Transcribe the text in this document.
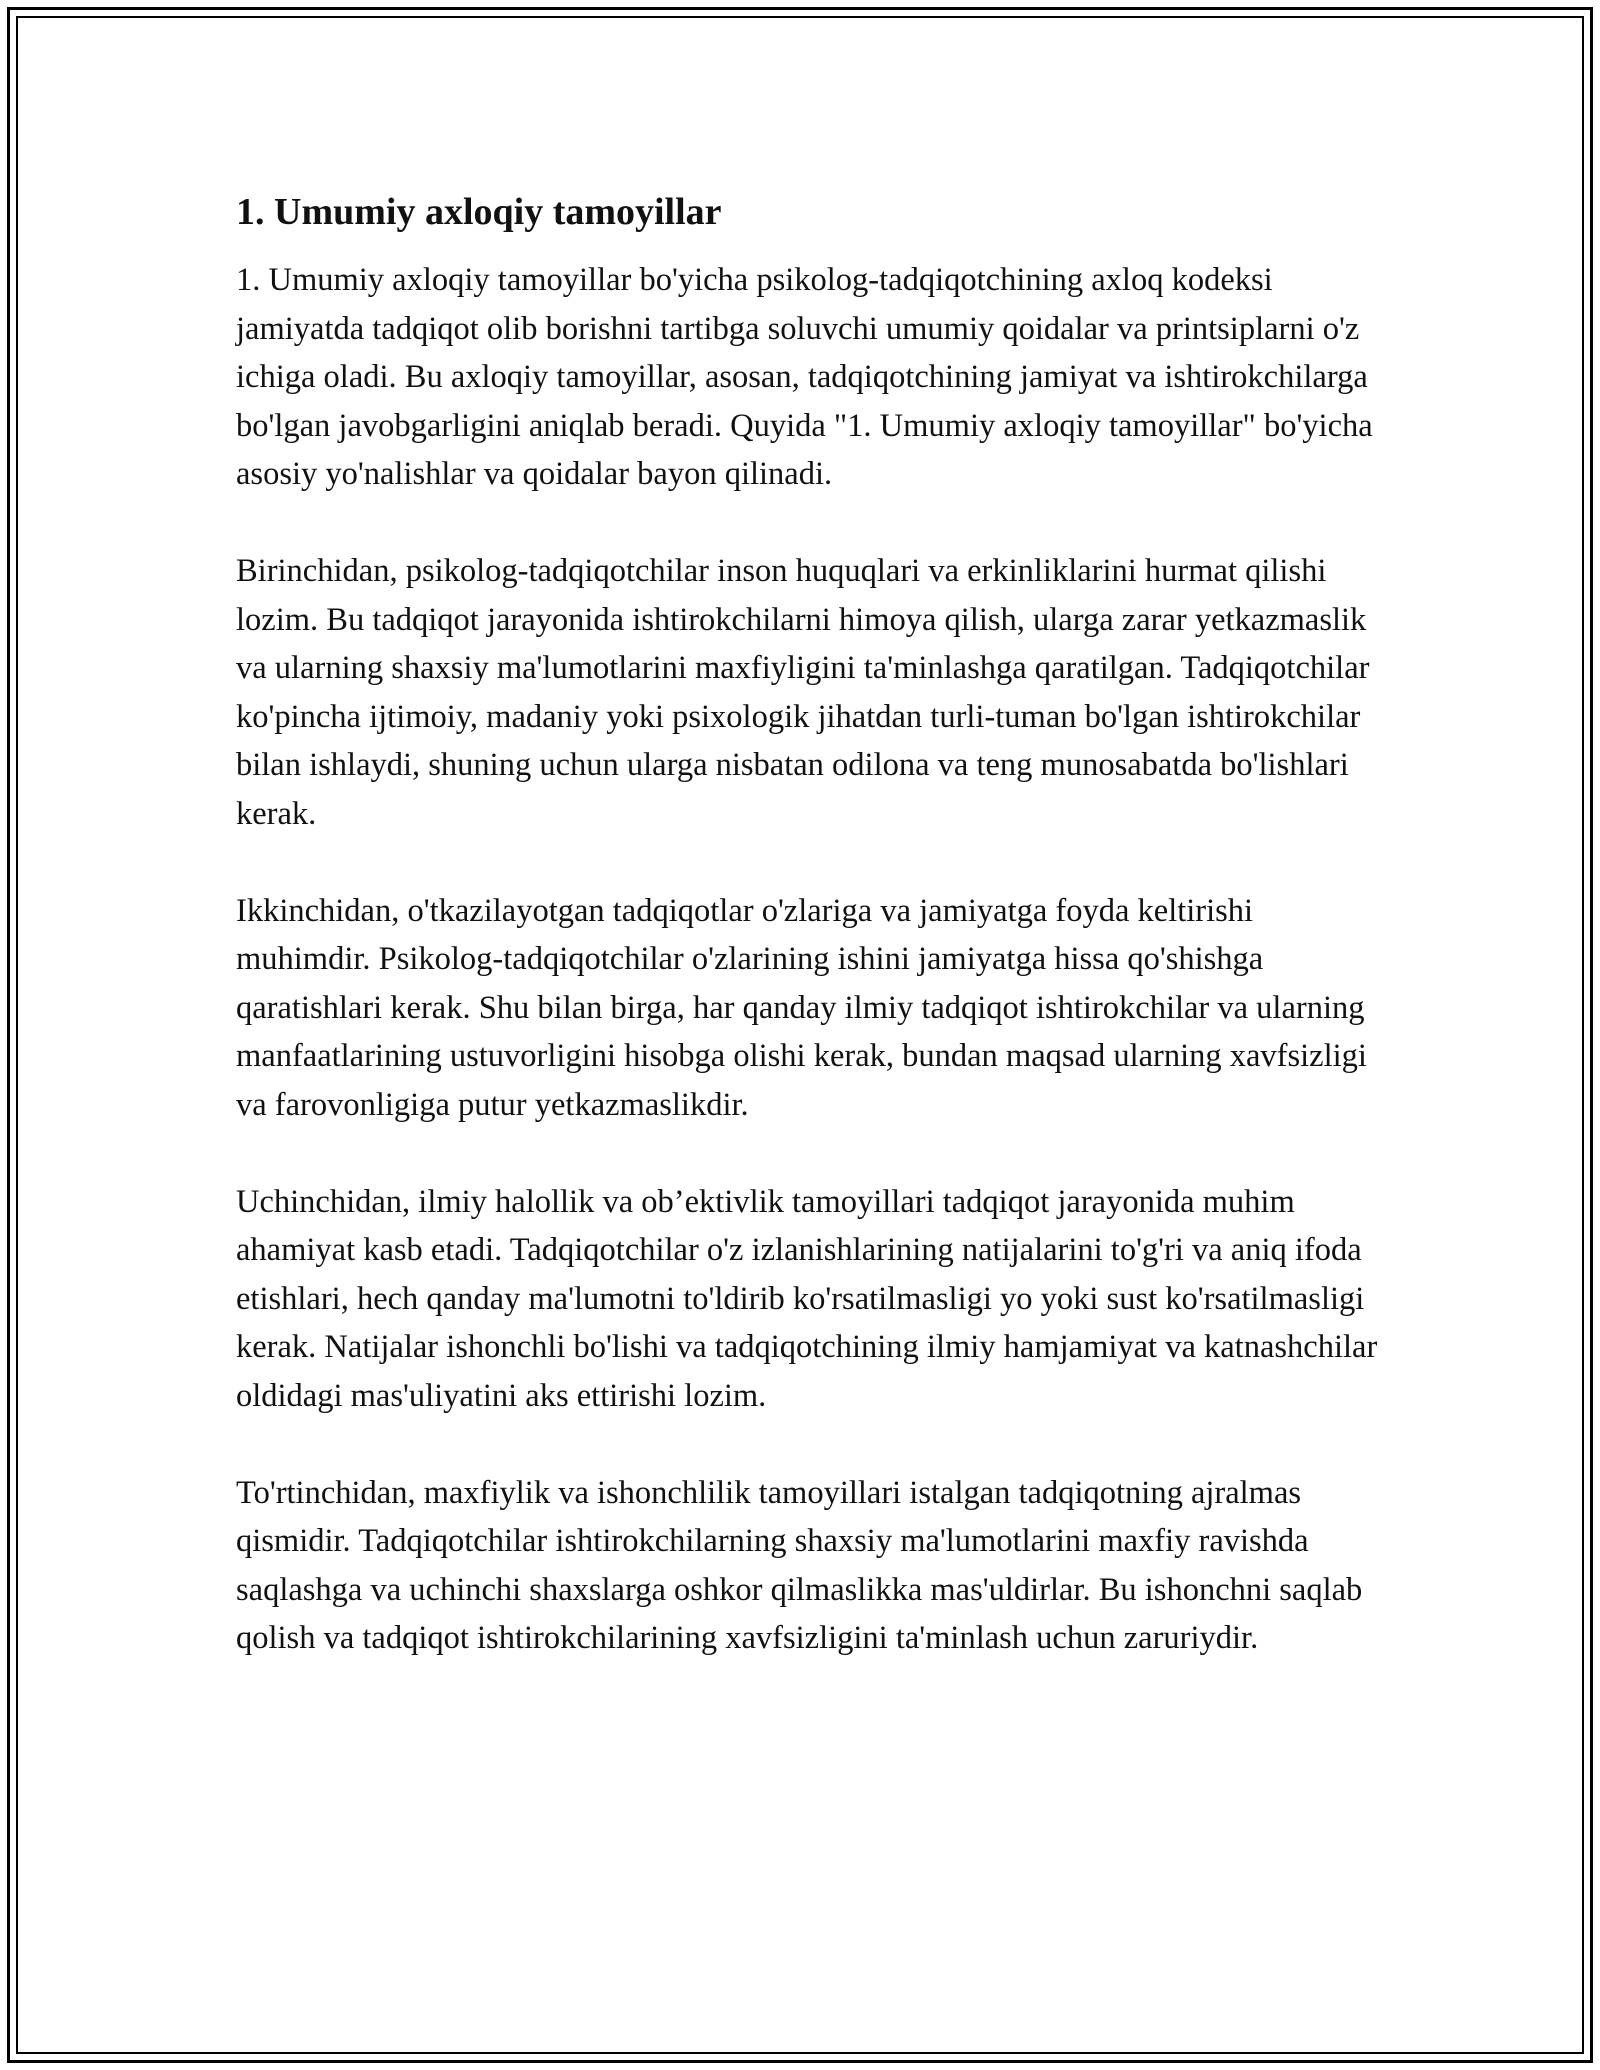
1. Umumiy axloqiy tamoyillar

1. Umumiy axloqiy tamoyillar bo'yicha psikolog-tadqiqotchining axloq kodeksi jamiyatda tadqiqot olib borishni tartibga soluvchi umumiy qoidalar va printsiplarni o'z ichiga oladi. Bu axloqiy tamoyillar, asosan, tadqiqotchining jamiyat va ishtirokchilarga bo'lgan javobgarligini aniqlab beradi. Quyida "1. Umumiy axloqiy tamoyillar" bo'yicha asosiy yo'nalishlar va qoidalar bayon qilinadi.

Birinchidan, psikolog-tadqiqotchilar inson huquqlari va erkinliklarini hurmat qilishi lozim. Bu tadqiqot jarayonida ishtirokchilarni himoya qilish, ularga zarar yetkazmaslik va ularning shaxsiy ma'lumotlarini maxfiyligini ta'minlashga qaratilgan. Tadqiqotchilar ko'pincha ijtimoiy, madaniy yoki psixologik jihatdan turli-tuman bo'lgan ishtirokchilar bilan ishlaydi, shuning uchun ularga nisbatan odilona va teng munosabatda bo'lishlari kerak.

Ikkinchidan, o'tkazilayotgan tadqiqotlar o'zlariga va jamiyatga foyda keltirishi muhimdir. Psikolog-tadqiqotchilar o'zlarining ishini jamiyatga hissa qo'shishga qaratishlari kerak. Shu bilan birga, har qanday ilmiy tadqiqot ishtirokchilar va ularning manfaatlarining ustuvorligini hisobga olishi kerak, bundan maqsad ularning xavfsizligi va farovonligiga putur yetkazmaslikdir.

Uchinchidan, ilmiy halollik va ob’ektivlik tamoyillari tadqiqot jarayonida muhim ahamiyat kasb etadi. Tadqiqotchilar o'z izlanishlarining natijalarini to'g'ri va aniq ifoda etishlari, hech qanday ma'lumotni to'ldirib ko'rsatilmasligi yo yoki sust ko'rsatilmasligi kerak. Natijalar ishonchli bo'lishi va tadqiqotchining ilmiy hamjamiyat va katnashchilar oldidagi mas'uliyatini aks ettirishi lozim.

To'rtinchidan, maxfiylik va ishonchlilik tamoyillari istalgan tadqiqotning ajralmas qismidir. Tadqiqotchilar ishtirokchilarning shaxsiy ma'lumotlarini maxfiy ravishda saqlashga va uchinchi shaxslarga oshkor qilmaslikka mas'uldirlar. Bu ishonchni saqlab qolish va tadqiqot ishtirokchilarining xavfsizligini ta'minlash uchun zaruriydir.
